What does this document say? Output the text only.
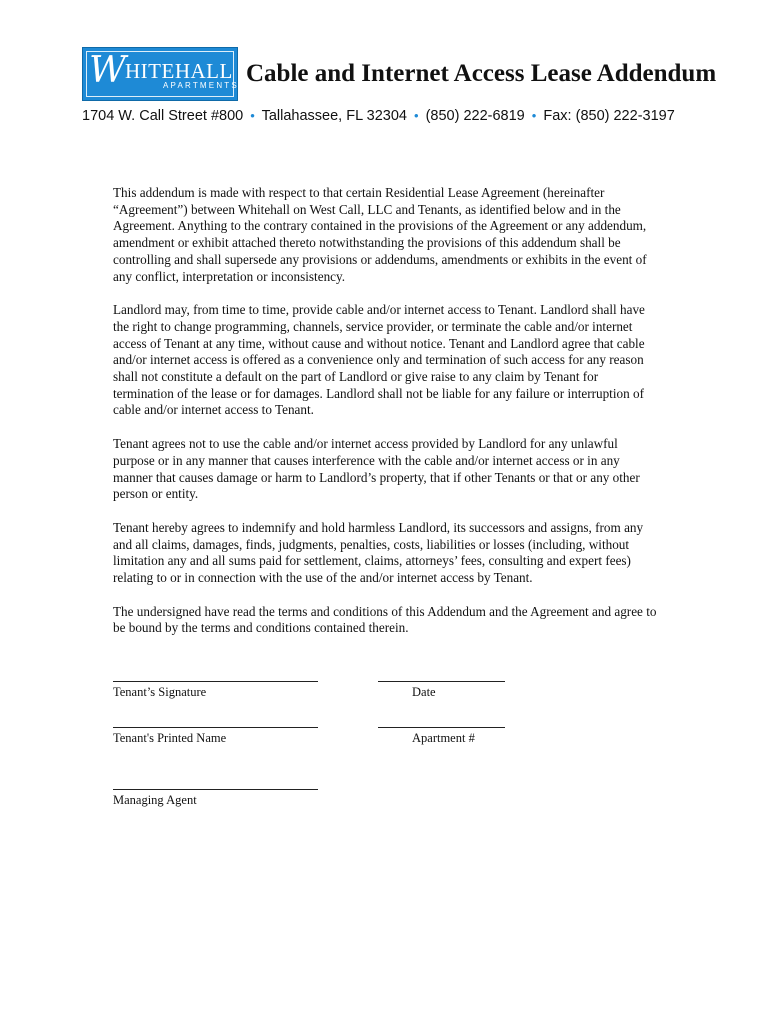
W
HITEHALL
APARTMENTS Cable and Internet Access Lease Addendum
1704 W. Call Street #800 • Tallahassee, FL 32304 • (850) 222-6819 • Fax: (850) 222-3197

This addendum is made with respect to that certain Residential Lease Agreement (hereinafter “Agreement”) between Whitehall on West Call, LLC and Tenants, as identified below and in the Agreement. Anything to the contrary contained in the provisions of the Agreement or any addendum, amendment or exhibit attached thereto notwithstanding the provisions of this addendum shall be controlling and shall supersede any provisions or addendums, amendments or exhibits in the event of any conflict, interpretation or inconsistency.

Landlord may, from time to time, provide cable and/or internet access to Tenant. Landlord shall have the right to change programming, channels, service provider, or terminate the cable and/or internet access of Tenant at any time, without cause and without notice. Tenant and Landlord agree that cable and/or internet access is offered as a convenience only and termination of such access for any reason shall not constitute a default on the part of Landlord or give raise to any claim by Tenant for termination of the lease or for damages. Landlord shall not be liable for any failure or interruption of cable and/or internet access to Tenant.

Tenant agrees not to use the cable and/or internet access provided by Landlord for any unlawful purpose or in any manner that causes interference with the cable and/or internet access or in any manner that causes damage or harm to Landlord’s property, that if other Tenants or that or any other person or entity.

Tenant hereby agrees to indemnify and hold harmless Landlord, its successors and assigns, from any and all claims, damages, finds, judgments, penalties, costs, liabilities or losses (including, without limitation any and all sums paid for settlement, claims, attorneys’ fees, consulting and expert fees) relating to or in connection with the use of the and/or internet access by Tenant.

The undersigned have read the terms and conditions of this Addendum and the Agreement and agree to be bound by the terms and conditions contained therein.

Tenant’s Signature	Date
Tenant's Printed Name	Apartment #
Managing Agent
